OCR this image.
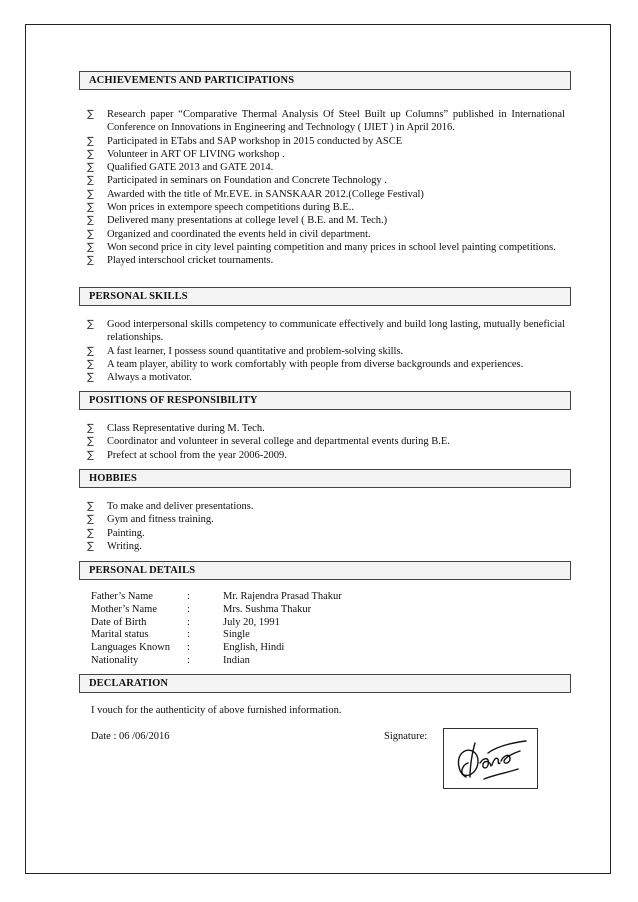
ACHIEVEMENTS AND PARTICIPATIONS
∑	Research paper “Comparative Thermal Analysis Of Steel Built up Columns” published in International Conference on Innovations in Engineering and Technology ( IJIET ) in April 2016.
∑	Participated in ETabs and SAP workshop in 2015 conducted by ASCE
∑	Volunteer in ART OF LIVING workshop .
∑	Qualified GATE 2013 and GATE 2014.
∑	Participated in seminars on Foundation and Concrete Technology .
∑	Awarded with the title of Mr.EVE. in SANSKAAR 2012.(College Festival)
∑	Won prices in extempore speech competitions during B.E..
∑	Delivered many presentations at college level ( B.E. and M. Tech.)
∑	Organized and coordinated the events held in civil department.
∑	Won second price in city level painting competition and many prices in school level painting competitions.
∑	Played interschool cricket tournaments.
PERSONAL SKILLS
∑	Good interpersonal skills competency to communicate effectively and build long lasting, mutually beneficial relationships.
∑	A fast learner, I possess sound quantitative and problem-solving skills.
∑	A team player, ability to work comfortably with people from diverse backgrounds and experiences.
∑	Always a motivator.
POSITIONS OF RESPONSIBILITY
∑	Class Representative during M. Tech.
∑	Coordinator and volunteer in several college and departmental events during B.E.
∑	Prefect at school from the year 2006-2009.
HOBBIES
∑	To make and deliver presentations.
∑	Gym and fitness training.
∑	Painting.
∑	Writing.
PERSONAL DETAILS
Father’s Name	:	Mr. Rajendra Prasad Thakur
Mother’s Name	:	Mrs. Sushma Thakur
Date of Birth	:	July 20, 1991
Marital status	:	Single
Languages Known	:	English, Hindi
Nationality	:	Indian
DECLARATION
I vouch for the authenticity of above furnished information.
Date : 06 /06/2016	Signature:
